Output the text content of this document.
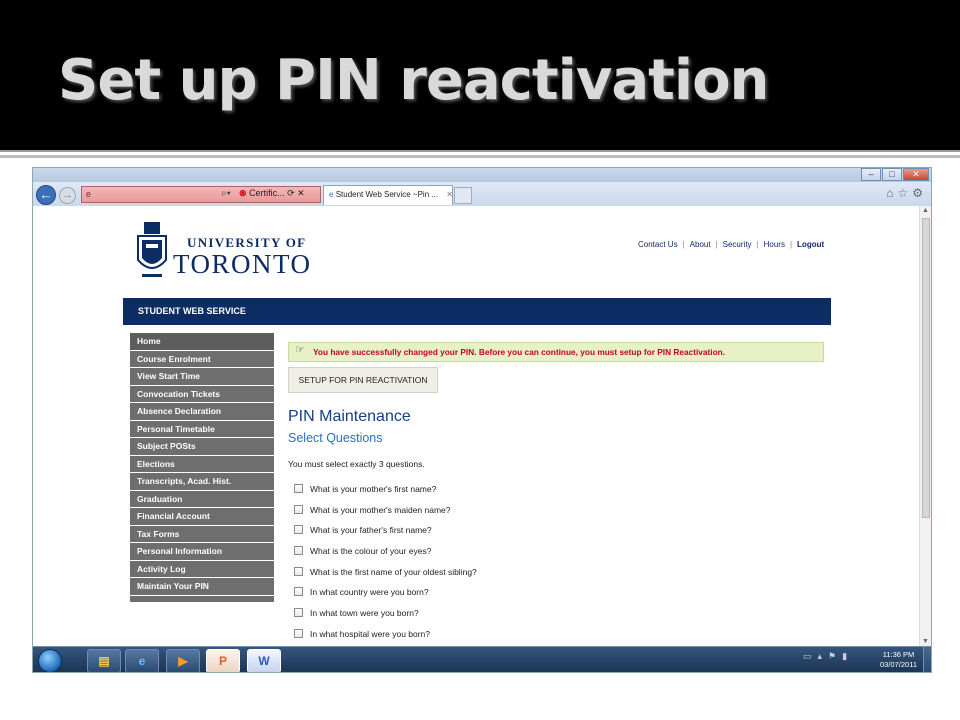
Set up PIN reactivation
–	□	✕
← →	e	⌕▾ ⊗ Certific... ⟳ ✕	e Student Web Service ~Pin ... ✕	⌂☆⚙
UNIVERSITY OF
TORONTO
Contact Us | About | Security | Hours | Logout
STUDENT WEB SERVICE
Home
Course Enrolment
View Start Time
Convocation Tickets
Absence Declaration
Personal Timetable
Subject POSts
Elections
Transcripts, Acad. Hist.
Graduation
Financial Account
Tax Forms
Personal Information
Activity Log
Maintain Your PIN
☞ You have successfully changed your PIN. Before you can continue, you must setup for PIN Reactivation.
SETUP FOR PIN REACTIVATION
PIN Maintenance
Select Questions
You must select exactly 3 questions.
What is your mother's first name?
What is your mother's maiden name?
What is your father's first name?
What is the colour of your eyes?
What is the first name of your oldest sibling?
In what country were you born?
In what town were you born?
In what hospital were you born?
▲
▼
▤	e	▶	P	W	▭▴⚑▮	11:36 PM
03/07/2011
